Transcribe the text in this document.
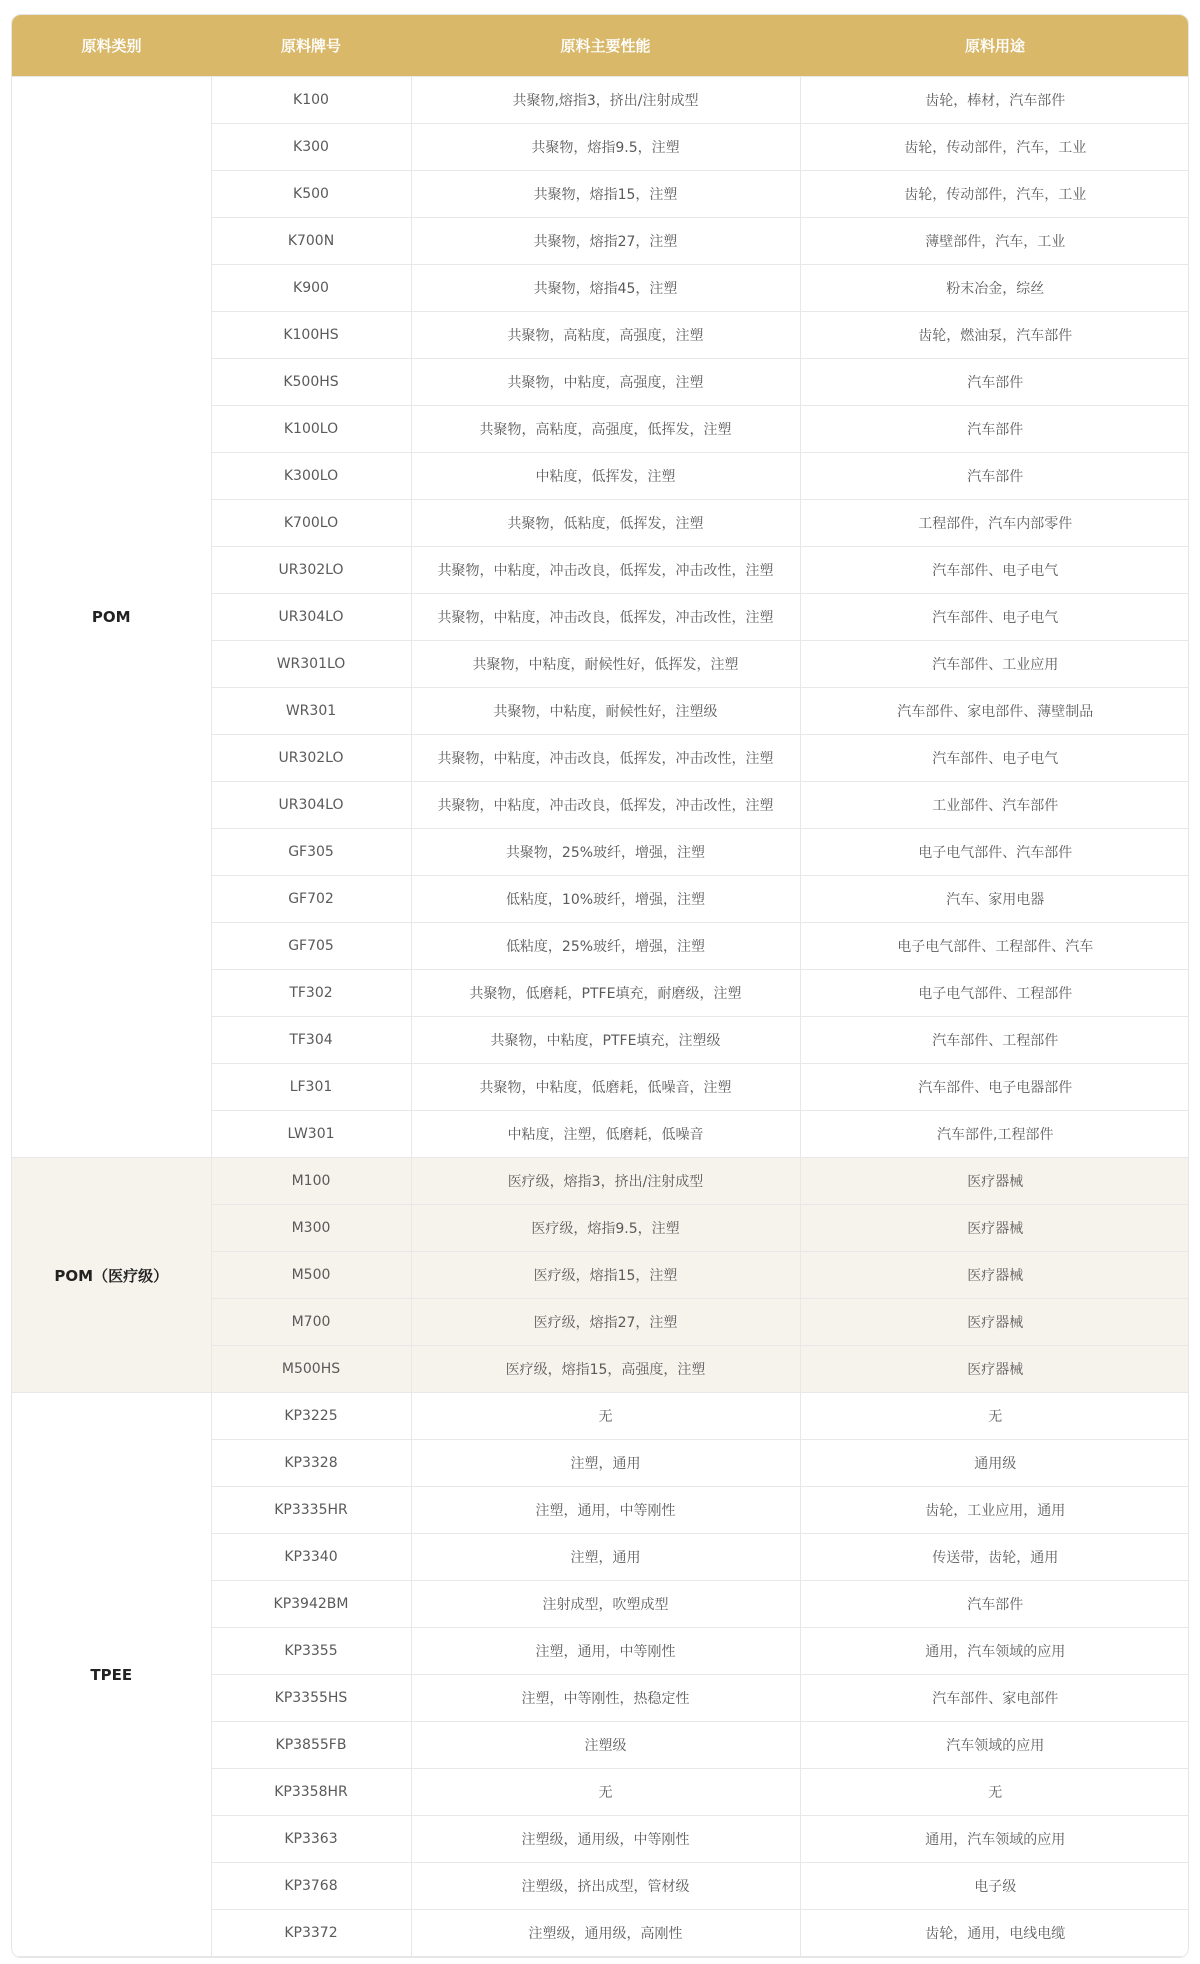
原料类别	原料牌号	原料主要性能	原料用途
POM	K100	共聚物,熔指3，挤出/注射成型	齿轮，棒材，汽车部件
	K300	共聚物，熔指9.5，注塑	齿轮，传动部件，汽车，工业
	K500	共聚物，熔指15，注塑	齿轮，传动部件，汽车，工业
	K700N	共聚物，熔指27，注塑	薄壁部件，汽车，工业
	K900	共聚物，熔指45，注塑	粉末冶金，综丝
	K100HS	共聚物，高粘度，高强度，注塑	齿轮，燃油泵，汽车部件
	K500HS	共聚物，中粘度，高强度，注塑	汽车部件
	K100LO	共聚物，高粘度，高强度，低挥发，注塑	汽车部件
	K300LO	中粘度，低挥发，注塑	汽车部件
	K700LO	共聚物，低粘度，低挥发，注塑	工程部件，汽车内部零件
	UR302LO	共聚物，中粘度，冲击改良，低挥发，冲击改性，注塑	汽车部件、电子电气
	UR304LO	共聚物，中粘度，冲击改良，低挥发，冲击改性，注塑	汽车部件、电子电气
	WR301LO	共聚物，中粘度，耐候性好，低挥发，注塑	汽车部件、工业应用
	WR301	共聚物，中粘度，耐候性好，注塑级	汽车部件、家电部件、薄壁制品
	UR302LO	共聚物，中粘度，冲击改良，低挥发，冲击改性，注塑	汽车部件、电子电气
	UR304LO	共聚物，中粘度，冲击改良，低挥发，冲击改性，注塑	工业部件、汽车部件
	GF305	共聚物，25%玻纤，增强，注塑	电子电气部件、汽车部件
	GF702	低粘度，10%玻纤，增强，注塑	汽车、家用电器
	GF705	低粘度，25%玻纤，增强，注塑	电子电气部件、工程部件、汽车
	TF302	共聚物，低磨耗，PTFE填充，耐磨级，注塑	电子电气部件、工程部件
	TF304	共聚物，中粘度，PTFE填充，注塑级	汽车部件、工程部件
	LF301	共聚物，中粘度，低磨耗，低噪音，注塑	汽车部件、电子电器部件
	LW301	中粘度，注塑，低磨耗，低噪音	汽车部件,工程部件
POM（医疗级）	M100	医疗级，熔指3，挤出/注射成型	医疗器械
	M300	医疗级，熔指9.5，注塑	医疗器械
	M500	医疗级，熔指15，注塑	医疗器械
	M700	医疗级，熔指27，注塑	医疗器械
	M500HS	医疗级，熔指15，高强度，注塑	医疗器械
TPEE	KP3225	无	无
	KP3328	注塑，通用	通用级
	KP3335HR	注塑，通用，中等刚性	齿轮，工业应用，通用
	KP3340	注塑，通用	传送带，齿轮，通用
	KP3942BM	注射成型，吹塑成型	汽车部件
	KP3355	注塑，通用，中等刚性	通用，汽车领域的应用
	KP3355HS	注塑，中等刚性，热稳定性	汽车部件、家电部件
	KP3855FB	注塑级	汽车领域的应用
	KP3358HR	无	无
	KP3363	注塑级，通用级，中等刚性	通用，汽车领域的应用
	KP3768	注塑级，挤出成型，管材级	电子级
	KP3372	注塑级，通用级，高刚性	齿轮，通用，电线电缆
